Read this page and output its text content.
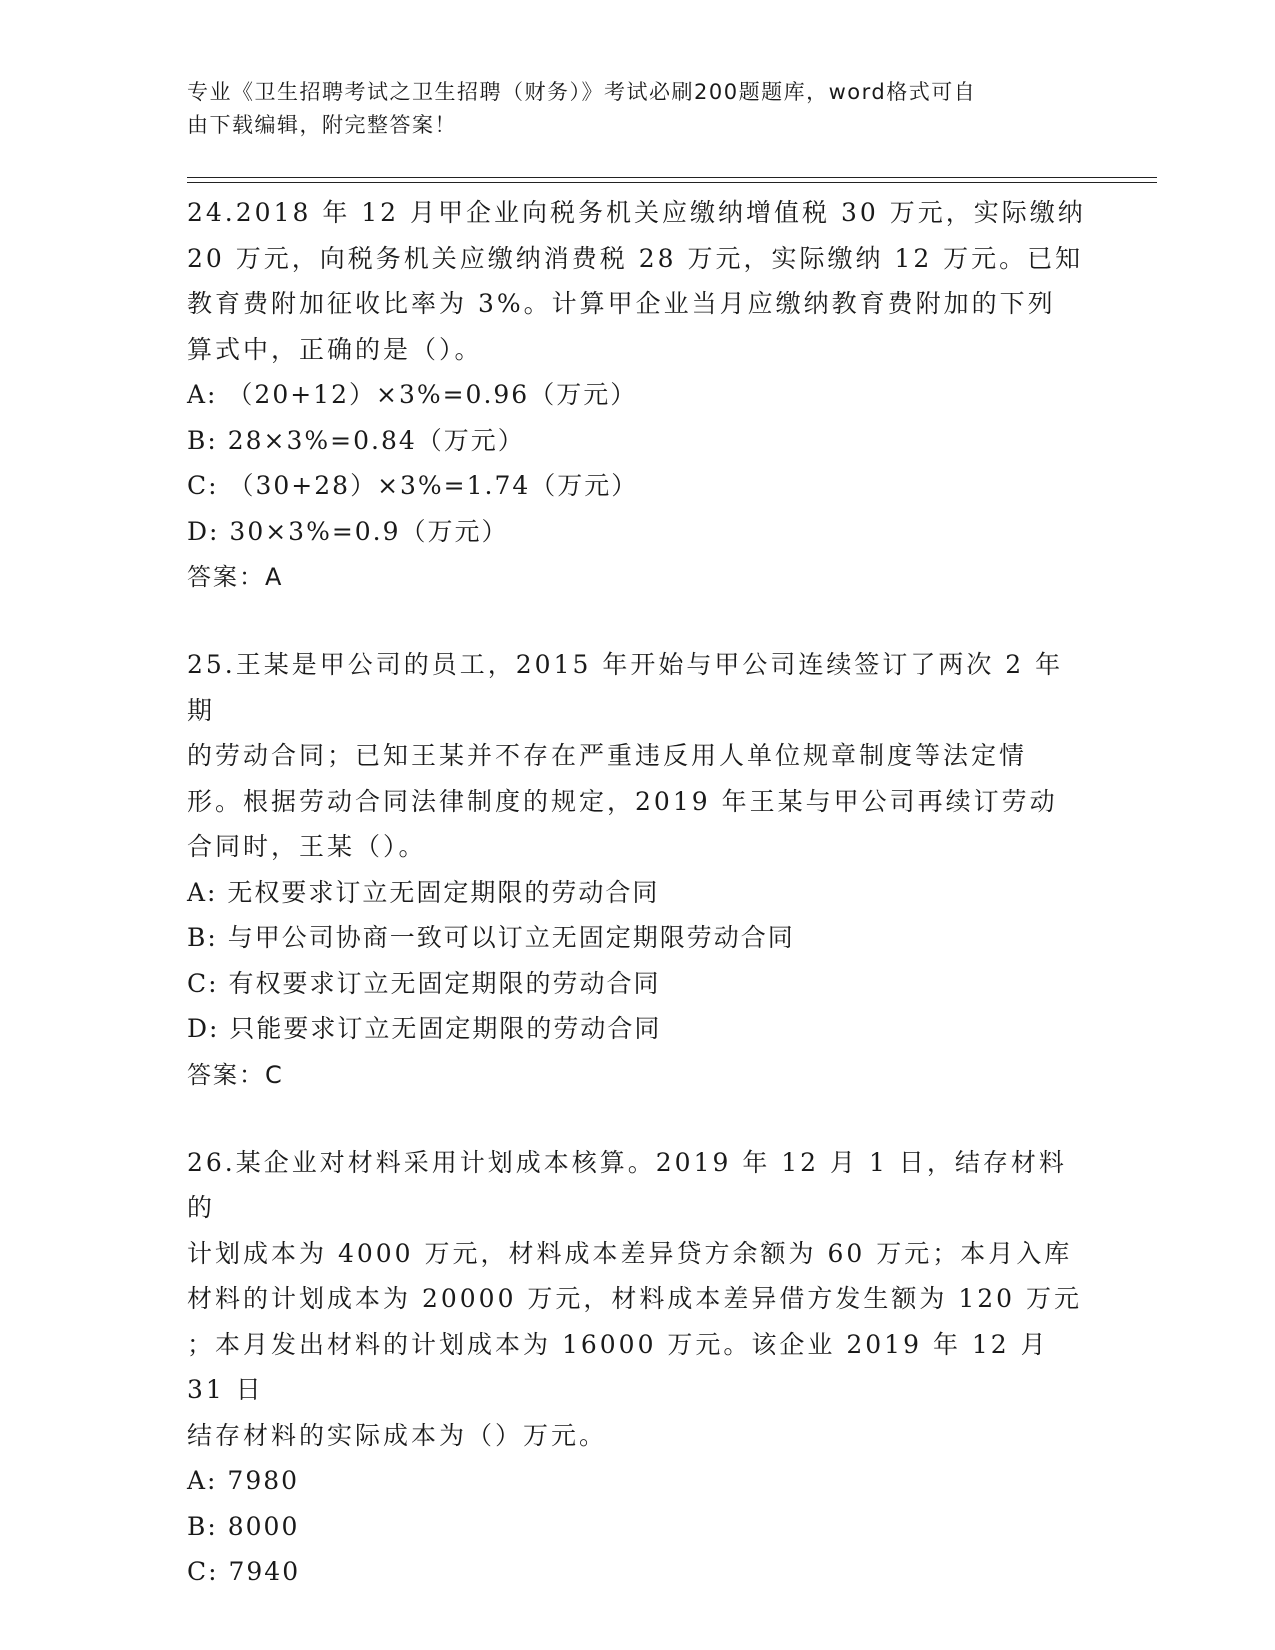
专业《卫生招聘考试之卫生招聘（财务）》考试必刷200题题库，word格式可自
由下载编辑，附完整答案！

24.2018 年 12 月甲企业向税务机关应缴纳增值税 30 万元，实际缴纳

20 万元，向税务机关应缴纳消费税 28 万元，实际缴纳 12 万元。已知

教育费附加征收比率为 3%。计算甲企业当月应缴纳教育费附加的下列

算式中，正确的是（）。

A: （20+12）×3%=0.96（万元）

B: 28×3%=0.84（万元）

C: （30+28）×3%=1.74（万元）

D: 30×3%=0.9（万元）

答案：A

25.王某是甲公司的员工，2015 年开始与甲公司连续签订了两次 2 年期

的劳动合同；已知王某并不存在严重违反用人单位规章制度等法定情

形。根据劳动合同法律制度的规定，2019 年王某与甲公司再续订劳动

合同时，王某（）。

A: 无权要求订立无固定期限的劳动合同

B: 与甲公司协商一致可以订立无固定期限劳动合同

C: 有权要求订立无固定期限的劳动合同

D: 只能要求订立无固定期限的劳动合同

答案：C

26.某企业对材料采用计划成本核算。2019 年 12 月 1 日，结存材料的

计划成本为 4000 万元，材料成本差异贷方余额为 60 万元；本月入库

材料的计划成本为 20000 万元，材料成本差异借方发生额为 120 万元

；本月发出材料的计划成本为 16000 万元。该企业 2019 年 12 月 31 日

结存材料的实际成本为（）万元。

A: 7980

B: 8000

C: 7940
